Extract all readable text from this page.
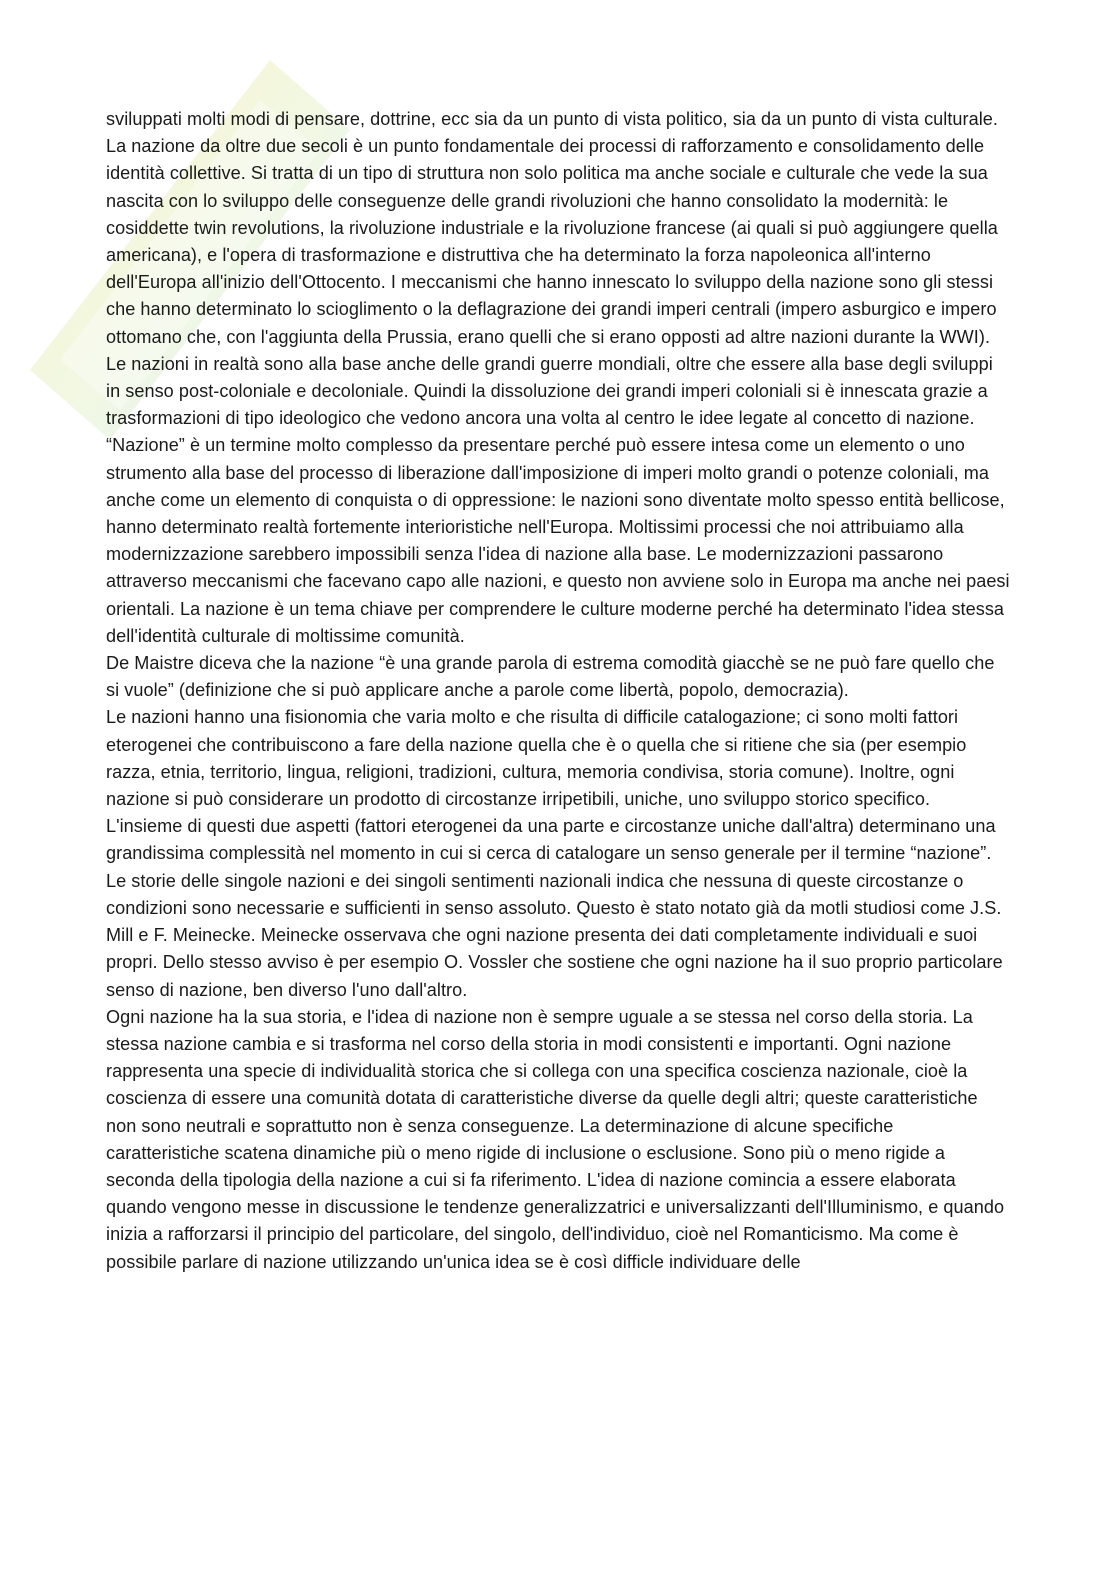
sviluppati molti modi di pensare, dottrine, ecc sia da un punto di vista politico, sia da un punto di vista culturale. La nazione da oltre due secoli è un punto fondamentale dei processi di rafforzamento e consolidamento delle identità collettive. Si tratta di un tipo di struttura non solo politica ma anche sociale e culturale che vede la sua nascita con lo sviluppo delle conseguenze delle grandi rivoluzioni che hanno consolidato la modernità: le cosiddette twin revolutions, la rivoluzione industriale e la rivoluzione francese (ai quali si può aggiungere quella americana), e l'opera di trasformazione e distruttiva che ha determinato la forza napoleonica all'interno dell'Europa all'inizio dell'Ottocento. I meccanismi che hanno innescato lo sviluppo della nazione sono gli stessi che hanno determinato lo scioglimento o la deflagrazione dei grandi imperi centrali (impero asburgico e impero ottomano che, con l'aggiunta della Prussia, erano quelli che si erano opposti ad altre nazioni durante la WWI). Le nazioni in realtà sono alla base anche delle grandi guerre mondiali, oltre che essere alla base degli sviluppi in senso post-coloniale e decoloniale. Quindi la dissoluzione dei grandi imperi coloniali si è innescata grazie a trasformazioni di tipo ideologico che vedono ancora una volta al centro le idee legate al concetto di nazione.

“Nazione” è un termine molto complesso da presentare perché può essere intesa come un elemento o uno strumento alla base del processo di liberazione dall'imposizione di imperi molto grandi o potenze coloniali, ma anche come un elemento di conquista o di oppressione: le nazioni sono diventate molto spesso entità bellicose, hanno determinato realtà fortemente interioristiche nell'Europa. Moltissimi processi che noi attribuiamo alla modernizzazione sarebbero impossibili senza l'idea di nazione alla base. Le modernizzazioni passarono attraverso meccanismi che facevano capo alle nazioni, e questo non avviene solo in Europa ma anche nei paesi orientali. La nazione è un tema chiave per comprendere le culture moderne perché ha determinato l'idea stessa dell'identità culturale di moltissime comunità.

De Maistre diceva che la nazione “è una grande parola di estrema comodità giacchè se ne può fare quello che si vuole” (definizione che si può applicare anche a parole come libertà, popolo, democrazia).

Le nazioni hanno una fisionomia che varia molto e che risulta di difficile catalogazione; ci sono molti fattori eterogenei che contribuiscono a fare della nazione quella che è o quella che si ritiene che sia (per esempio razza, etnia, territorio, lingua, religioni, tradizioni, cultura, memoria condivisa, storia comune). Inoltre, ogni nazione si può considerare un prodotto di circostanze irripetibili, uniche, uno sviluppo storico specifico. L'insieme di questi due aspetti (fattori eterogenei da una parte e circostanze uniche dall'altra) determinano una grandissima complessità nel momento in cui si cerca di catalogare un senso generale per il termine “nazione”. Le storie delle singole nazioni e dei singoli sentimenti nazionali indica che nessuna di queste circostanze o condizioni sono necessarie e sufficienti in senso assoluto. Questo è stato notato già da motli studiosi come J.S. Mill e F. Meinecke. Meinecke osservava che ogni nazione presenta dei dati completamente individuali e suoi propri. Dello stesso avviso è per esempio O. Vossler che sostiene che ogni nazione ha il suo proprio particolare senso di nazione, ben diverso l'uno dall'altro.

Ogni nazione ha la sua storia, e l'idea di nazione non è sempre uguale a se stessa nel corso della storia. La stessa nazione cambia e si trasforma nel corso della storia in modi consistenti e importanti. Ogni nazione rappresenta una specie di individualità storica che si collega con una specifica coscienza nazionale, cioè la coscienza di essere una comunità dotata di caratteristiche diverse da quelle degli altri; queste caratteristiche non sono neutrali e soprattutto non è senza conseguenze. La determinazione di alcune specifiche caratteristiche scatena dinamiche più o meno rigide di inclusione o esclusione. Sono più o meno rigide a seconda della tipologia della nazione a cui si fa riferimento. L'idea di nazione comincia a essere elaborata quando vengono messe in discussione le tendenze generalizzatrici e universalizzanti dell'Illuminismo, e quando inizia a rafforzarsi il principio del particolare, del singolo, dell'individuo, cioè nel Romanticismo. Ma come è possibile parlare di nazione utilizzando un'unica idea se è così difficle individuare delle
